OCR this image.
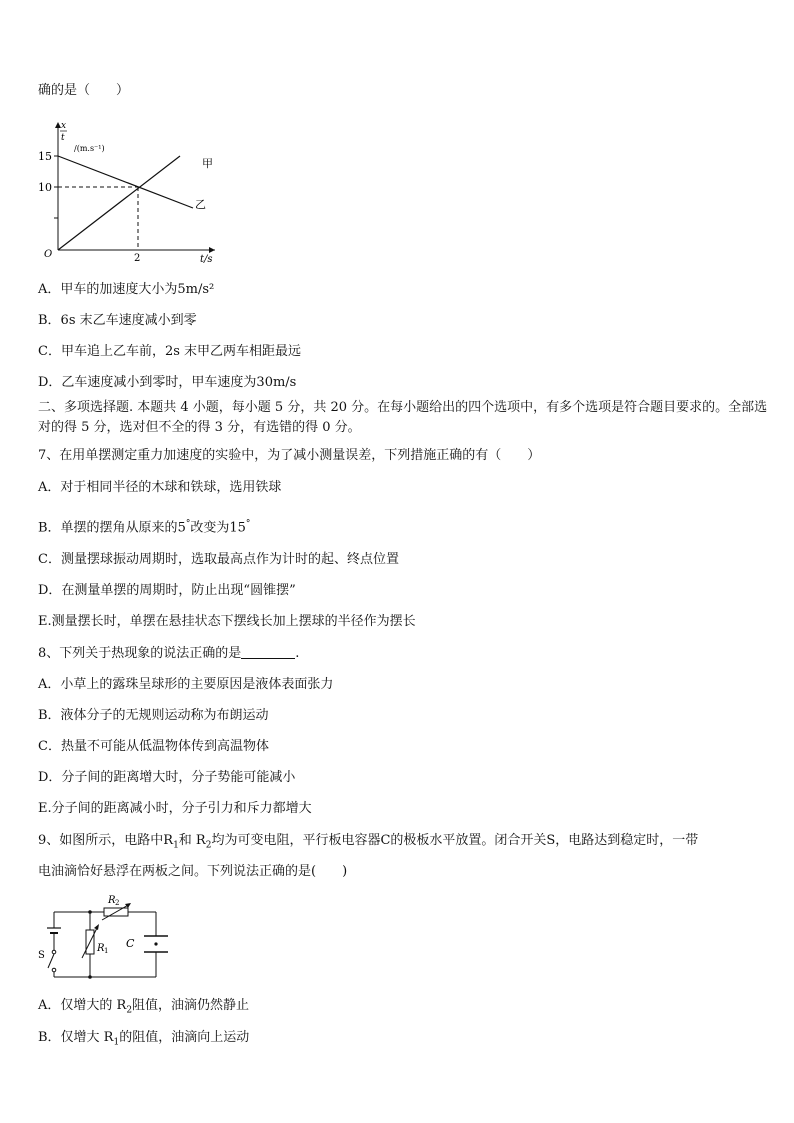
确的是（　　）
x
t
/(m.s⁻¹)
15
10
O	2	t/s
甲
乙
A．甲车的加速度大小为5m/s²
B．6s 末乙车速度减小到零
C．甲车追上乙车前，2s 末甲乙两车相距最远
D．乙车速度减小到零时，甲车速度为30m/s
二、多项选择题. 本题共 4 小题，每小题 5 分，共 20 分。在每小题给出的四个选项中，有多个选项是符合题目要求的。全部选对的得 5 分，选对但不全的得 3 分，有选错的得 0 分。
7、在用单摆测定重力加速度的实验中，为了减小测量误差，下列措施正确的有（　　）
A．对于相同半径的木球和铁球，选用铁球
B．单摆的摆角从原来的5°改变为15°
C．测量摆球振动周期时，选取最高点作为计时的起、终点位置
D．在测量单摆的周期时，防止出现“圆锥摆”
E.测量摆长时，单摆在悬挂状态下摆线长加上摆球的半径作为摆长
8、下列关于热现象的说法正确的是	.
A．小草上的露珠呈球形的主要原因是液体表面张力
B．液体分子的无规则运动称为布朗运动
C．热量不可能从低温物体传到高温物体
D．分子间的距离增大时，分子势能可能减小
E.分子间的距离减小时，分子引力和斥力都增大
9、如图所示，电路中$R_1$和 $R_2$均为可变电阻，平行板电容器C的极板水平放置。闭合开关S，电路达到稳定时，一带
电油滴恰好悬浮在两板之间。下列说法正确的是(　　)
R 2
R 1
C
S
A．仅增大的 $R_2$阻值，油滴仍然静止
B．仅增大 $R_1$的阻值，油滴向上运动
